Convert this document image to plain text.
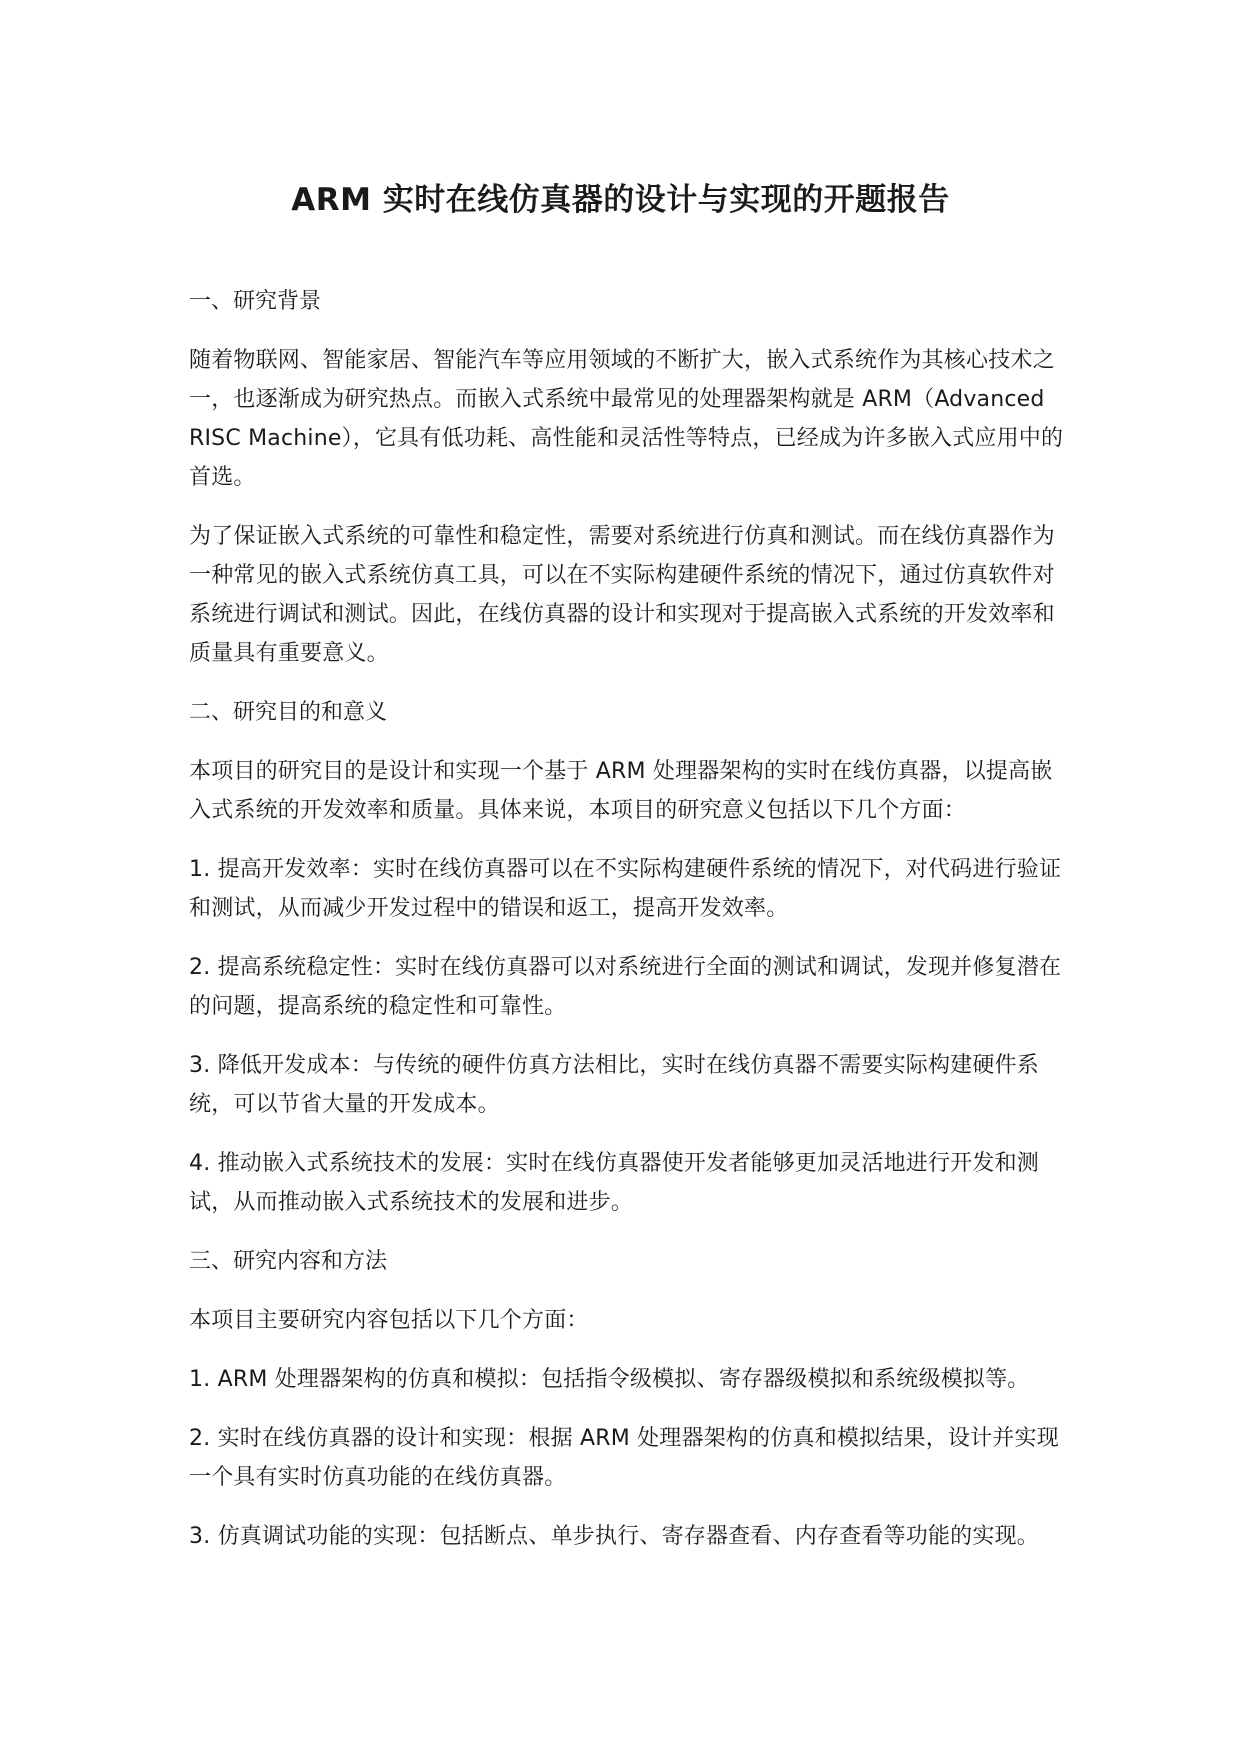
ARM 实时在线仿真器的设计与实现的开题报告
一、研究背景
随着物联网、智能家居、智能汽车等应用领域的不断扩大，嵌入式系统作为其核心技术之一，也逐渐成为研究热点。而嵌入式系统中最常见的处理器架构就是 ARM（Advanced RISC Machine），它具有低功耗、高性能和灵活性等特点，已经成为许多嵌入式应用中的首选。
为了保证嵌入式系统的可靠性和稳定性，需要对系统进行仿真和测试。而在线仿真器作为一种常见的嵌入式系统仿真工具，可以在不实际构建硬件系统的情况下，通过仿真软件对系统进行调试和测试。因此，在线仿真器的设计和实现对于提高嵌入式系统的开发效率和质量具有重要意义。
二、研究目的和意义
本项目的研究目的是设计和实现一个基于 ARM 处理器架构的实时在线仿真器，以提高嵌入式系统的开发效率和质量。具体来说，本项目的研究意义包括以下几个方面：
1. 提高开发效率：实时在线仿真器可以在不实际构建硬件系统的情况下，对代码进行验证和测试，从而减少开发过程中的错误和返工，提高开发效率。
2. 提高系统稳定性：实时在线仿真器可以对系统进行全面的测试和调试，发现并修复潜在的问题，提高系统的稳定性和可靠性。
3. 降低开发成本：与传统的硬件仿真方法相比，实时在线仿真器不需要实际构建硬件系统，可以节省大量的开发成本。
4. 推动嵌入式系统技术的发展：实时在线仿真器使开发者能够更加灵活地进行开发和测试，从而推动嵌入式系统技术的发展和进步。
三、研究内容和方法
本项目主要研究内容包括以下几个方面：
1. ARM 处理器架构的仿真和模拟：包括指令级模拟、寄存器级模拟和系统级模拟等。
2. 实时在线仿真器的设计和实现：根据 ARM 处理器架构的仿真和模拟结果，设计并实现一个具有实时仿真功能的在线仿真器。
3. 仿真调试功能的实现：包括断点、单步执行、寄存器查看、内存查看等功能的实现。
